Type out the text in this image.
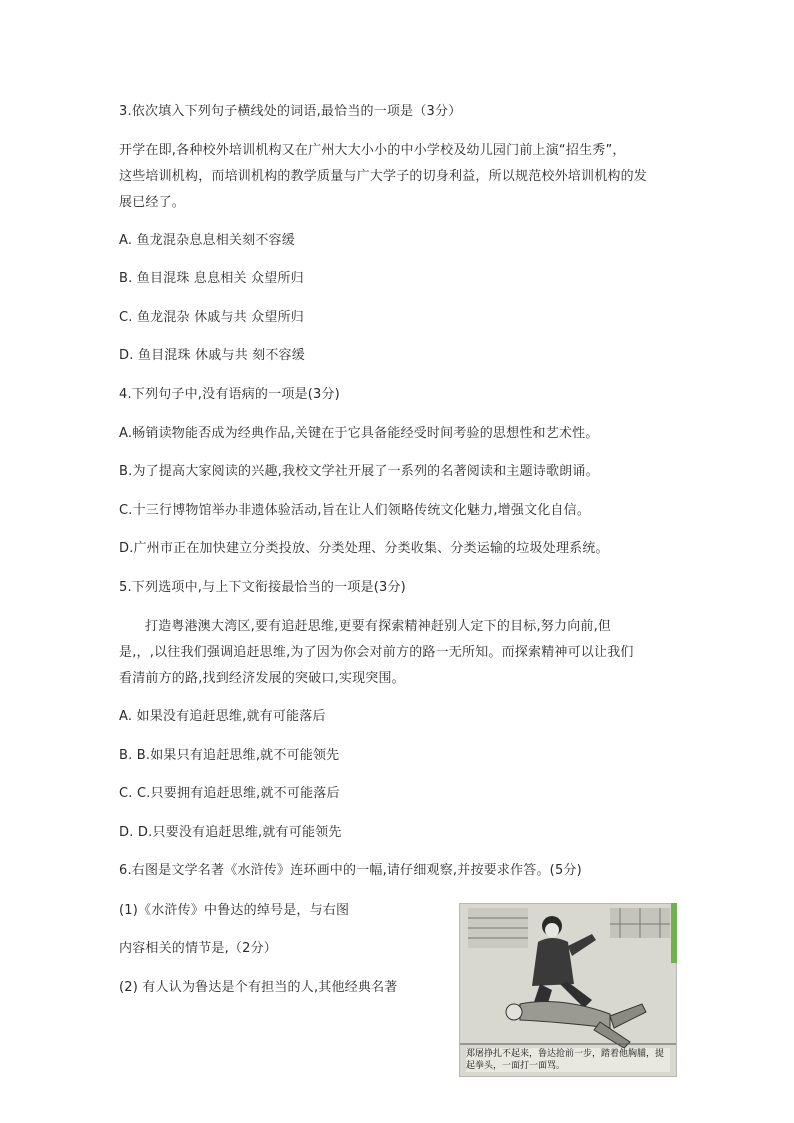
3.依次填入下列句子横线处的词语,最恰当的一项是（3分）
开学在即,各种校外培训机构又在广州大大小小的中小学校及幼儿园门前上演“招生秀”，
这些培训机构，而培训机构的教学质量与广大学子的切身利益，所以规范校外培训机构的发
展已经了。
A. 鱼龙混杂息息相关刻不容缓
B. 鱼目混珠 息息相关 众望所归
C. 鱼龙混杂 休戚与共 众望所归
D. 鱼目混珠 休戚与共 刻不容缓
4.下列句子中,没有语病的一项是(3分)
A.畅销读物能否成为经典作品,关键在于它具备能经受时间考验的思想性和艺术性。
B.为了提高大家阅读的兴趣,我校文学社开展了一系列的名著阅读和主题诗歌朗诵。
C.十三行博物馆举办非遗体验活动,旨在让人们领略传统文化魅力,增强文化自信。
D.广州市正在加快建立分类投放、分类处理、分类收集、分类运输的垃圾处理系统。
5.下列选项中,与上下文衔接最恰当的一项是(3分)
打造粤港澳大湾区,要有追赶思维,更要有探索精神赶别人定下的目标,努力向前,但
是,，,以往我们强调追赶思维,为了因为你会对前方的路一无所知。而探索精神可以让我们
看清前方的路,找到经济发展的突破口,实现突围。
A. 如果没有追赶思维,就有可能落后
B. B.如果只有追赶思维,就不可能领先
C. C.只要拥有追赶思维,就不可能落后
D. D.只要没有追赶思维,就有可能领先
6.右图是文学名著《水浒传》连环画中的一幅,请仔细观察,并按要求作答。(5分)
(1)《水浒传》中鲁达的绰号是，与右图
内容相关的情节是,（2分）
(2) 有人认为鲁达是个有担当的人,其他经典名著
郑屠挣扎不起来，鲁达抢前一步，踏着他胸脯，提起拳头，一面打一面骂。
